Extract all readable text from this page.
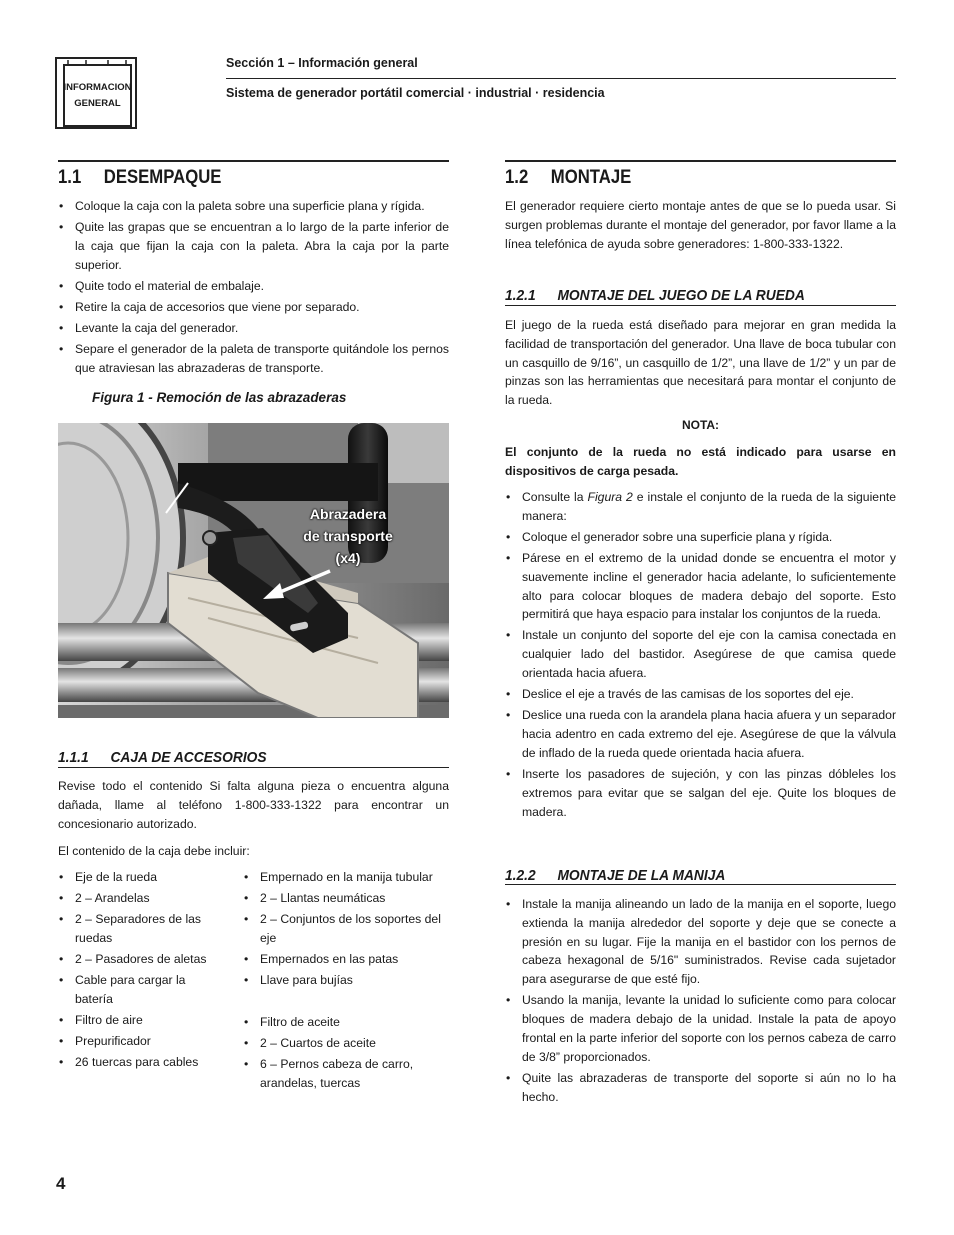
INFORMACION
GENERAL
Sección 1 – Información general
Sistema de generador portátil comercial · industrial · residencia
1.1 DESEMPAQUE
• Coloque la caja con la paleta sobre una superficie plana y rígida.
• Quite las grapas que se encuentran a lo largo de la parte inferior de la caja que fijan la caja con la paleta. Abra la caja por la parte superior.
• Quite todo el material de embalaje.
• Retire la caja de accesorios que viene por separado.
• Levante la caja del generador.
• Separe el generador de la paleta de transporte quitándole los pernos que atraviesan las abrazaderas de transporte.
Figura 1 - Remoción de las abrazaderas
Abrazadera
de transporte
(x4)
1.1.1 CAJA DE ACCESORIOS

Revise todo el contenido Si falta alguna pieza o encuentra alguna dañada, llame al teléfono 1-800-333-1322 para encontrar un concesionario autorizado.

El contenido de la caja debe incluir:

• Eje de la rueda
• 2 – Arandelas
• 2 – Separadores de las ruedas
• 2 – Pasadores de aletas
• Cable para cargar la batería
• Filtro de aire
• Prepurificador
• 26 tuercas para cables
• Empernado en la manija tubular
• 2 – Llantas neumáticas
• 2 – Conjuntos de los soportes del eje
• Empernados en las patas
• Llave para bujías
• Filtro de aceite
• 2 – Cuartos de aceite
• 6 – Pernos cabeza de carro, arandelas, tuercas
1.2 MONTAJE

El generador requiere cierto montaje antes de que se lo pueda usar. Si surgen problemas durante el montaje del generador, por favor llame a la línea telefónica de ayuda sobre generadores: 1-800-333-1322.

1.2.1 MONTAJE DEL JUEGO DE LA RUEDA

El juego de la rueda está diseñado para mejorar en gran medida la facilidad de transportación del generador. Una llave de boca tubular con un casquillo de 9/16”, un casquillo de 1/2”, una llave de 1/2” y un par de pinzas son las herramientas que necesitará para montar el conjunto de la rueda.

NOTA:
El conjunto de la rueda no está indicado para usarse en dispositivos de carga pesada.
• Consulte la Figura 2 e instale el conjunto de la rueda de la siguiente manera:
• Coloque el generador sobre una superficie plana y rígida.
• Párese en el extremo de la unidad donde se encuentra el motor y suavemente incline el generador hacia adelante, lo suficientemente alto para colocar bloques de madera debajo del soporte. Esto permitirá que haya espacio para instalar los conjuntos de la rueda.
• Instale un conjunto del soporte del eje con la camisa conectada en cualquier lado del bastidor. Asegúrese de que camisa quede orientada hacia afuera.
• Deslice el eje a través de las camisas de los soportes del eje.
• Deslice una rueda con la arandela plana hacia afuera y un separador hacia adentro en cada extremo del eje. Asegúrese de que la válvula de inflado de la rueda quede orientada hacia afuera.
• Inserte los pasadores de sujeción, y con las pinzas dóbleles los extremos para evitar que se salgan del eje. Quite los bloques de madera.
1.2.2 MONTAJE DE LA MANIJA
• Instale la manija alineando un lado de la manija en el soporte, luego extienda la manija alrededor del soporte y deje que se conecte a presión en su lugar. Fije la manija en el bastidor con los pernos de cabeza hexagonal de 5/16" suministrados. Revise cada sujetador para asegurarse de que esté fijo.
• Usando la manija, levante la unidad lo suficiente como para colocar bloques de madera debajo de la unidad. Instale la pata de apoyo frontal en la parte inferior del soporte con los pernos cabeza de carro de 3/8” proporcionados.
• Quite las abrazaderas de transporte del soporte si aún no lo ha hecho.
4
